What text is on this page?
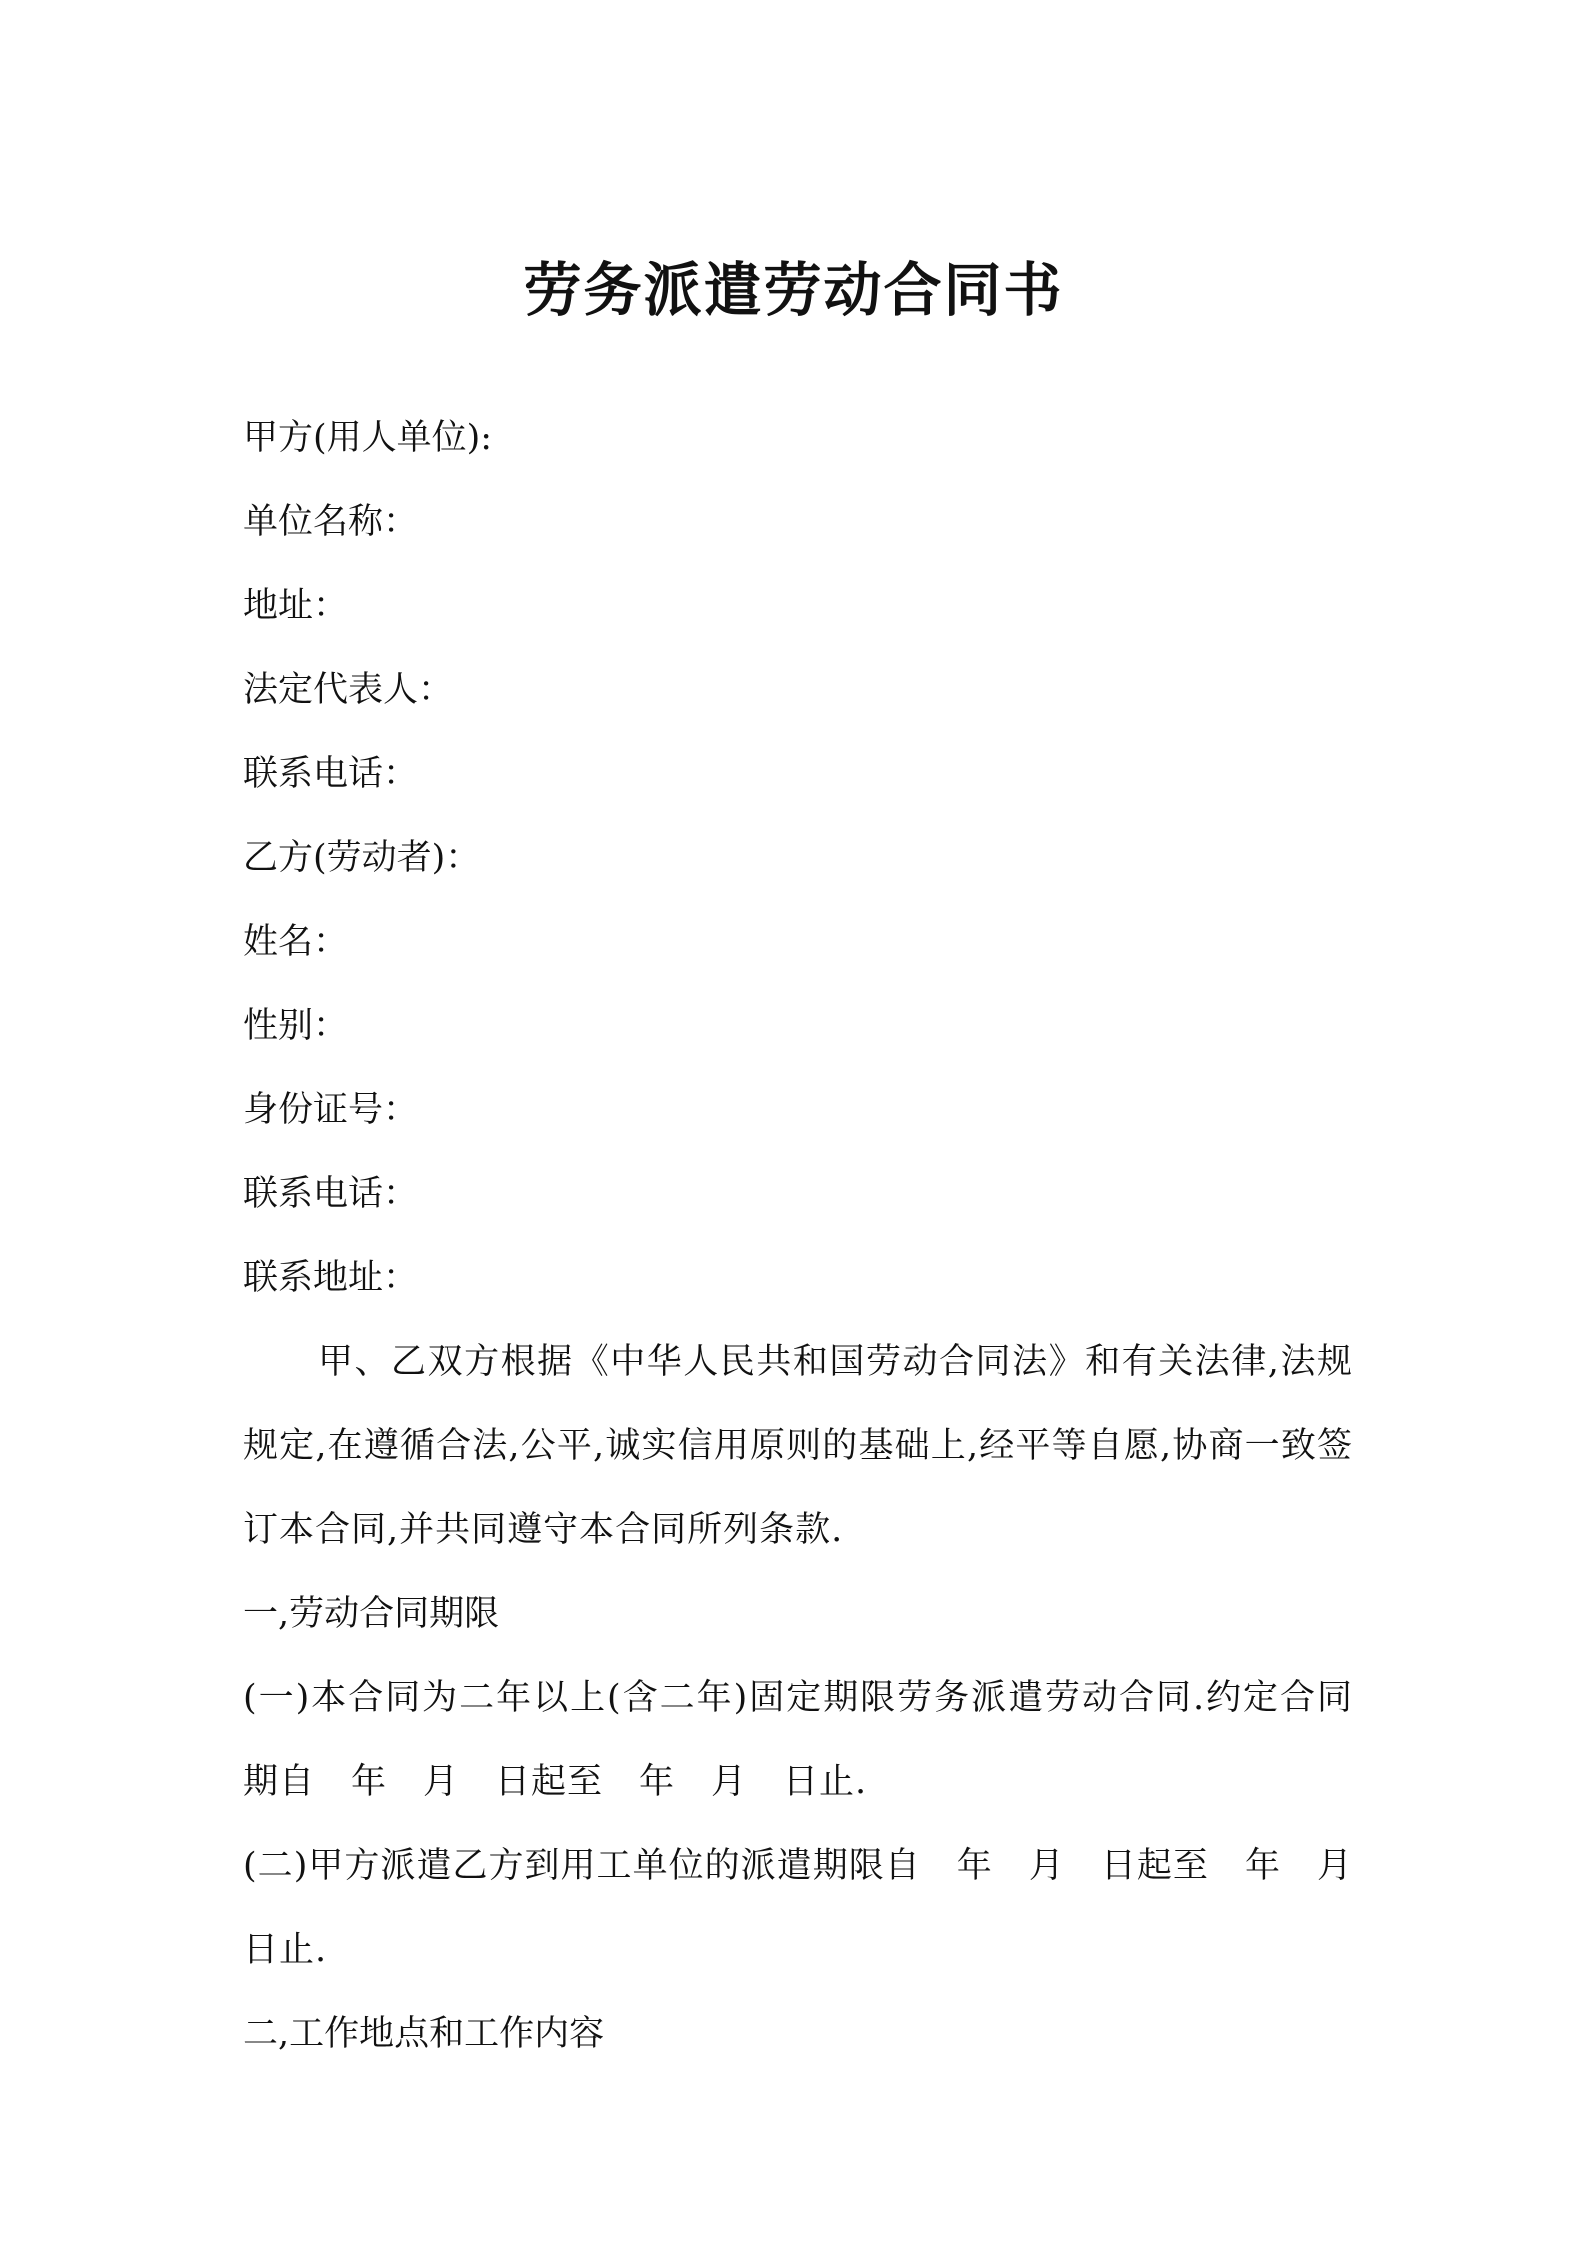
劳务派遣劳动合同书

甲方(用人单位):

单位名称：

地址：

法定代表人：

联系电话：

乙方(劳动者)：

姓名：

性别：

身份证号：

联系电话：

联系地址：

甲、乙双方根据《中华人民共和国劳动合同法》和有关法律,法规规定,在遵循合法,公平,诚实信用原则的基础上,经平等自愿,协商一致签订本合同,并共同遵守本合同所列条款.

一,劳动合同期限

(一)本合同为二年以上(含二年)固定期限劳务派遣劳动合同.约定合同期自　年　月　日起至　年　月　日止.

(二)甲方派遣乙方到用工单位的派遣期限自　年　月　日起至　年　月　日止.

二,工作地点和工作内容
